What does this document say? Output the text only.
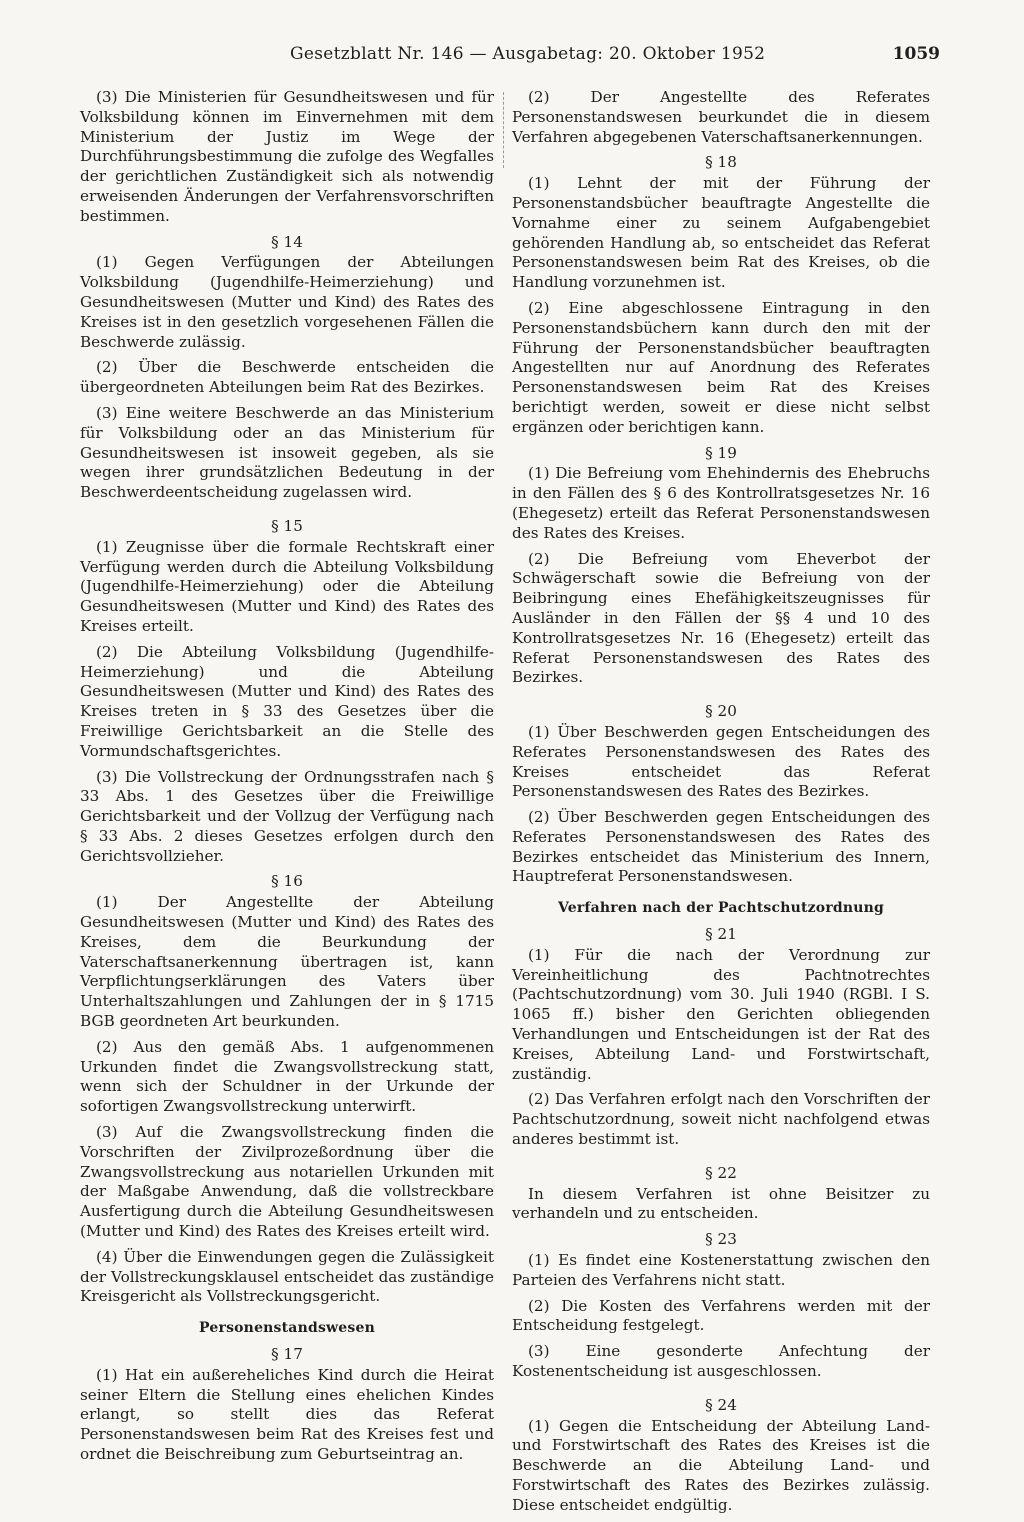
Gesetzblatt Nr. 146 — Ausgabetag: 20. Oktober 1952	1059

(3) Die Ministerien für Gesundheitswesen und für Volksbildung können im Einvernehmen mit dem Ministerium der Justiz im Wege der Durchführungsbestimmung die zufolge des Wegfalles der gerichtlichen Zuständigkeit sich als notwendig erweisenden Änderungen der Verfahrensvorschriften bestimmen.

§ 14

(1) Gegen Verfügungen der Abteilungen Volksbildung (Jugendhilfe-Heimerziehung) und Gesundheitswesen (Mutter und Kind) des Rates des Kreises ist in den gesetzlich vorgesehenen Fällen die Beschwerde zulässig.

(2) Über die Beschwerde entscheiden die übergeordneten Abteilungen beim Rat des Bezirkes.

(3) Eine weitere Beschwerde an das Ministerium für Volksbildung oder an das Ministerium für Gesundheitswesen ist insoweit gegeben, als sie wegen ihrer grundsätzlichen Bedeutung in der Beschwerdeentscheidung zugelassen wird.

§ 15

(1) Zeugnisse über die formale Rechtskraft einer Verfügung werden durch die Abteilung Volksbildung (Jugendhilfe-Heimerziehung) oder die Abteilung Gesundheitswesen (Mutter und Kind) des Rates des Kreises erteilt.

(2) Die Abteilung Volksbildung (Jugendhilfe-Heimerziehung) und die Abteilung Gesundheitswesen (Mutter und Kind) des Rates des Kreises treten in § 33 des Gesetzes über die Freiwillige Gerichtsbarkeit an die Stelle des Vormundschaftsgerichtes.

(3) Die Vollstreckung der Ordnungsstrafen nach § 33 Abs. 1 des Gesetzes über die Freiwillige Gerichtsbarkeit und der Vollzug der Verfügung nach § 33 Abs. 2 dieses Gesetzes erfolgen durch den Gerichtsvollzieher.

§ 16

(1) Der Angestellte der Abteilung Gesundheitswesen (Mutter und Kind) des Rates des Kreises, dem die Beurkundung der Vaterschaftsanerkennung übertragen ist, kann Verpflichtungserklärungen des Vaters über Unterhaltszahlungen und Zahlungen der in § 1715 BGB geordneten Art beurkunden.

(2) Aus den gemäß Abs. 1 aufgenommenen Urkunden findet die Zwangsvollstreckung statt, wenn sich der Schuldner in der Urkunde der sofortigen Zwangsvollstreckung unterwirft.

(3) Auf die Zwangsvollstreckung finden die Vorschriften der Zivilprozeßordnung über die Zwangsvollstreckung aus notariellen Urkunden mit der Maßgabe Anwendung, daß die vollstreckbare Ausfertigung durch die Abteilung Gesundheitswesen (Mutter und Kind) des Rates des Kreises erteilt wird.

(4) Über die Einwendungen gegen die Zulässigkeit der Vollstreckungsklausel entscheidet das zuständige Kreisgericht als Vollstreckungsgericht.

Personenstandswesen
§ 17

(1) Hat ein außereheliches Kind durch die Heirat seiner Eltern die Stellung eines ehelichen Kindes erlangt, so stellt dies das Referat Personenstandswesen beim Rat des Kreises fest und ordnet die Beischreibung zum Geburtseintrag an.

(2) Der Angestellte des Referates Personenstandswesen beurkundet die in diesem Verfahren abgegebenen Vaterschaftsanerkennungen.

§ 18

(1) Lehnt der mit der Führung der Personenstandsbücher beauftragte Angestellte die Vornahme einer zu seinem Aufgabengebiet gehörenden Handlung ab, so entscheidet das Referat Personenstandswesen beim Rat des Kreises, ob die Handlung vorzunehmen ist.

(2) Eine abgeschlossene Eintragung in den Personenstandsbüchern kann durch den mit der Führung der Personenstandsbücher beauftragten Angestellten nur auf Anordnung des Referates Personenstandswesen beim Rat des Kreises berichtigt werden, soweit er diese nicht selbst ergänzen oder berichtigen kann.

§ 19

(1) Die Befreiung vom Ehehindernis des Ehebruchs in den Fällen des § 6 des Kontrollratsgesetzes Nr. 16 (Ehegesetz) erteilt das Referat Personenstandswesen des Rates des Kreises.

(2) Die Befreiung vom Eheverbot der Schwägerschaft sowie die Befreiung von der Beibringung eines Ehefähigkeitszeugnisses für Ausländer in den Fällen der §§ 4 und 10 des Kontrollratsgesetzes Nr. 16 (Ehegesetz) erteilt das Referat Personenstandswesen des Rates des Bezirkes.

§ 20

(1) Über Beschwerden gegen Entscheidungen des Referates Personenstandswesen des Rates des Kreises entscheidet das Referat Personenstandswesen des Rates des Bezirkes.

(2) Über Beschwerden gegen Entscheidungen des Referates Personenstandswesen des Rates des Bezirkes entscheidet das Ministerium des Innern, Hauptreferat Personenstandswesen.

Verfahren nach der Pachtschutzordnung
§ 21

(1) Für die nach der Verordnung zur Vereinheitlichung des Pachtnotrechtes (Pachtschutzordnung) vom 30. Juli 1940 (RGBl. I S. 1065 ff.) bisher den Gerichten obliegenden Verhandlungen und Entscheidungen ist der Rat des Kreises, Abteilung Land- und Forstwirtschaft, zuständig.

(2) Das Verfahren erfolgt nach den Vorschriften der Pachtschutzordnung, soweit nicht nachfolgend etwas anderes bestimmt ist.

§ 22

In diesem Verfahren ist ohne Beisitzer zu verhandeln und zu entscheiden.

§ 23

(1) Es findet eine Kostenerstattung zwischen den Parteien des Verfahrens nicht statt.

(2) Die Kosten des Verfahrens werden mit der Entscheidung festgelegt.

(3) Eine gesonderte Anfechtung der Kostenentscheidung ist ausgeschlossen.

§ 24

(1) Gegen die Entscheidung der Abteilung Land- und Forstwirtschaft des Rates des Kreises ist die Beschwerde an die Abteilung Land- und Forstwirtschaft des Rates des Bezirkes zulässig. Diese entscheidet endgültig.
